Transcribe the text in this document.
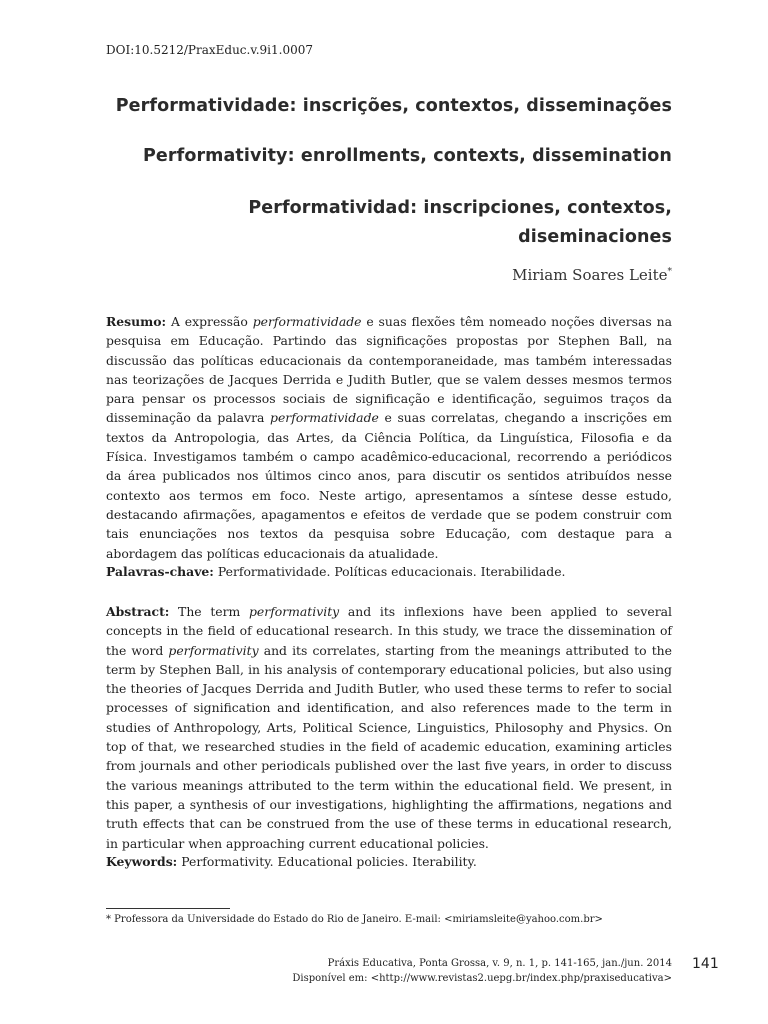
DOI:10.5212/PraxEduc.v.9i1.0007
Performatividade: inscrições, contextos, disseminações
Performativity: enrollments, contexts, dissemination
Performatividad: inscripciones, contextos,
diseminaciones
Miriam Soares Leite*
Resumo: A expressão performatividade e suas flexões têm nomeado noções diversas na pesquisa em Educação. Partindo das significações propostas por Stephen Ball, na discussão das políticas educacionais da contemporaneidade, mas também interessadas nas teorizações de Jacques Derrida e Judith Butler, que se valem desses mesmos termos para pensar os processos sociais de significação e identificação, seguimos traços da disseminação da palavra performatividade e suas correlatas, chegando a inscrições em textos da Antropologia, das Artes, da Ciência Política, da Linguística, Filosofia e da Física. Investigamos também o campo acadêmico-educacional, recorrendo a periódicos da área publicados nos últimos cinco anos, para discutir os sentidos atribuídos nesse contexto aos termos em foco. Neste artigo, apresentamos a síntese desse estudo, destacando afirmações, apagamentos e efeitos de verdade que se podem construir com tais enunciações nos textos da pesquisa sobre Educação, com destaque para a abordagem das políticas educacionais da atualidade.
Palavras-chave: Performatividade. Políticas educacionais. Iterabilidade.
Abstract: The term performativity and its inflexions have been applied to several concepts in the field of educational research. In this study, we trace the dissemination of the word performativity and its correlates, starting from the meanings attributed to the term by Stephen Ball, in his analysis of contemporary educational policies, but also using the theories of Jacques Derrida and Judith Butler, who used these terms to refer to social processes of signification and identification, and also references made to the term in studies of Anthropology, Arts, Political Science, Linguistics, Philosophy and Physics. On top of that, we researched studies in the field of academic education, examining articles from journals and other periodicals published over the last five years, in order to discuss the various meanings attributed to the term within the educational field. We present, in this paper, a synthesis of our investigations, highlighting the affirmations, negations and truth effects that can be construed from the use of these terms in educational research, in particular when approaching current educational policies.
Keywords: Performativity. Educational policies. Iterability.
* Professora da Universidade do Estado do Rio de Janeiro. E-mail: <miriamsleite@yahoo.com.br>
Práxis Educativa, Ponta Grossa, v. 9, n. 1, p. 141-165, jan./jun. 2014
Disponível em: <http://www.revistas2.uepg.br/index.php/praxiseducativa>
141
